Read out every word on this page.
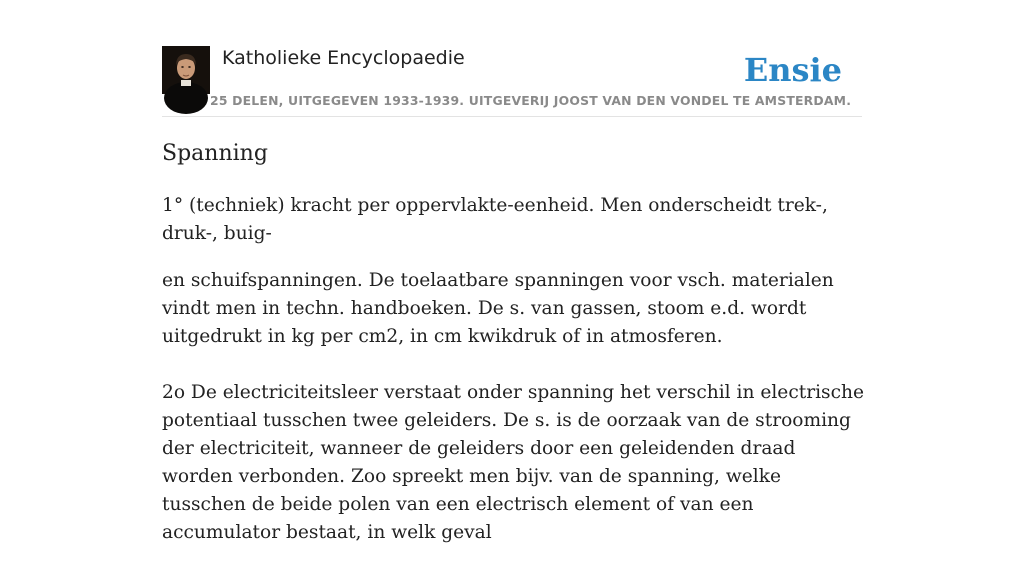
Katholieke Encyclopaedie
25 DELEN, UITGEGEVEN 1933-1939. UITGEVERIJ JOOST VAN DEN VONDEL TE AMSTERDAM.
Ensie
Spanning

1° (techniek) kracht per oppervlakte-eenheid. Men onderscheidt trek-, druk-, buig-

en schuifspanningen. De toelaatbare spanningen voor vsch. materialen vindt men in techn. handboeken. De s. van gassen, stoom e.d. wordt uitgedrukt in kg per cm2, in cm kwikdruk of in atmosferen.

2o De electriciteitsleer verstaat onder spanning het verschil in electrische potentiaal tusschen twee geleiders. De s. is de oorzaak van de strooming der electriciteit, wanneer de geleiders door een geleidenden draad worden verbonden. Zoo spreekt men bijv. van de spanning, welke tusschen de beide polen van een electrisch element of van een accumulator bestaat, in welk geval
